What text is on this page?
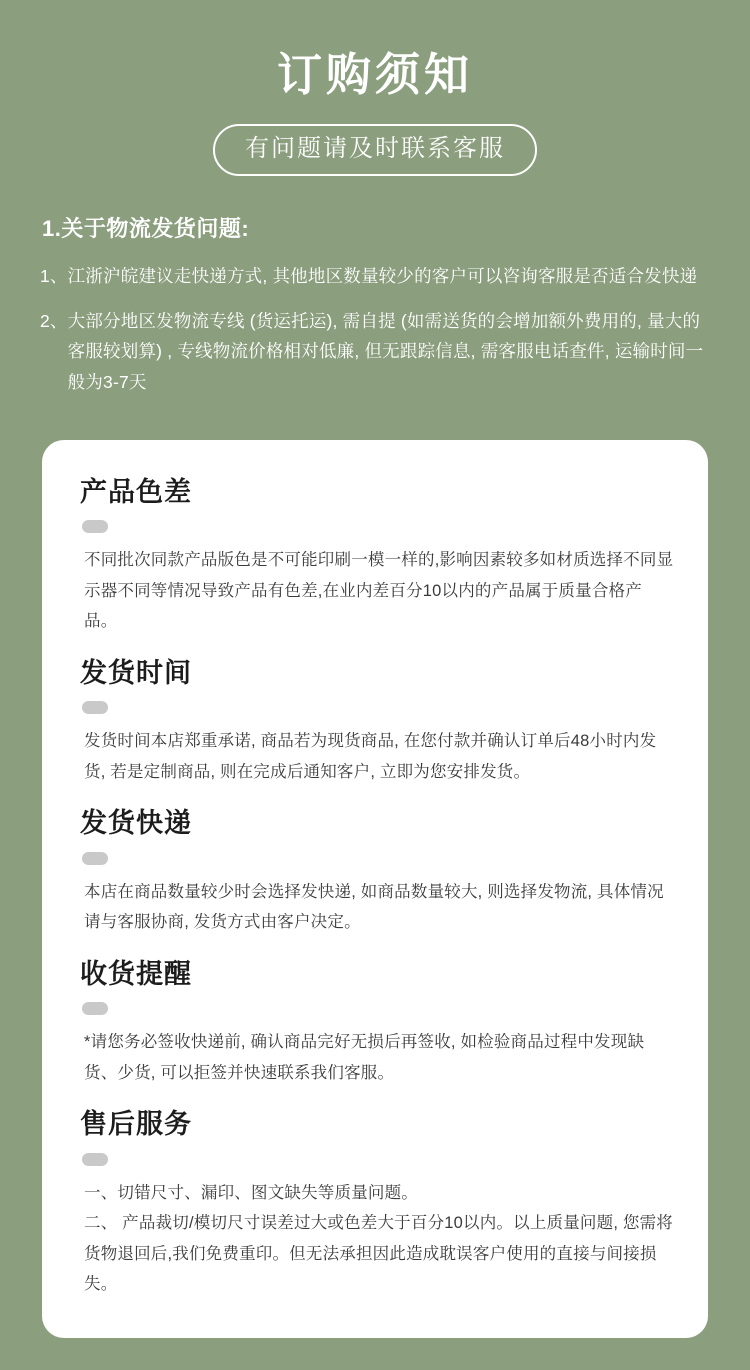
订购须知
有问题请及时联系客服
1.关于物流发货问题:
1、 江浙沪皖建议走快递方式, 其他地区数量较少的客户可以咨询客服是否适合发快递
2、 大部分地区发物流专线 (货运托运), 需自提 (如需送货的会增加额外费用的, 量大的客服较划算) , 专线物流价格相对低廉, 但无跟踪信息, 需客服电话查件, 运输时间一般为3-7天
产品色差

不同批次同款产品版色是不可能印刷一模一样的,影响因素较多如材质选择不同显示器不同等情况导致产品有色差,在业内差百分10以内的产品属于质量合格产品。

发货时间

发货时间本店郑重承诺, 商品若为现货商品, 在您付款并确认订单后48小时内发货, 若是定制商品, 则在完成后通知客户, 立即为您安排发货。

发货快递

本店在商品数量较少时会选择发快递, 如商品数量较大, 则选择发物流, 具体情况请与客服协商, 发货方式由客户决定。

收货提醒

*请您务必签收快递前, 确认商品完好无损后再签收, 如检验商品过程中发现缺货、少货, 可以拒签并快速联系我们客服。

售后服务

一、切错尺寸、漏印、图文缺失等质量问题。

二、 产品裁切/模切尺寸误差过大或色差大于百分10以内。以上质量问题, 您需将货物退回后,我们免费重印。但无法承担因此造成耽误客户使用的直接与间接损失。
